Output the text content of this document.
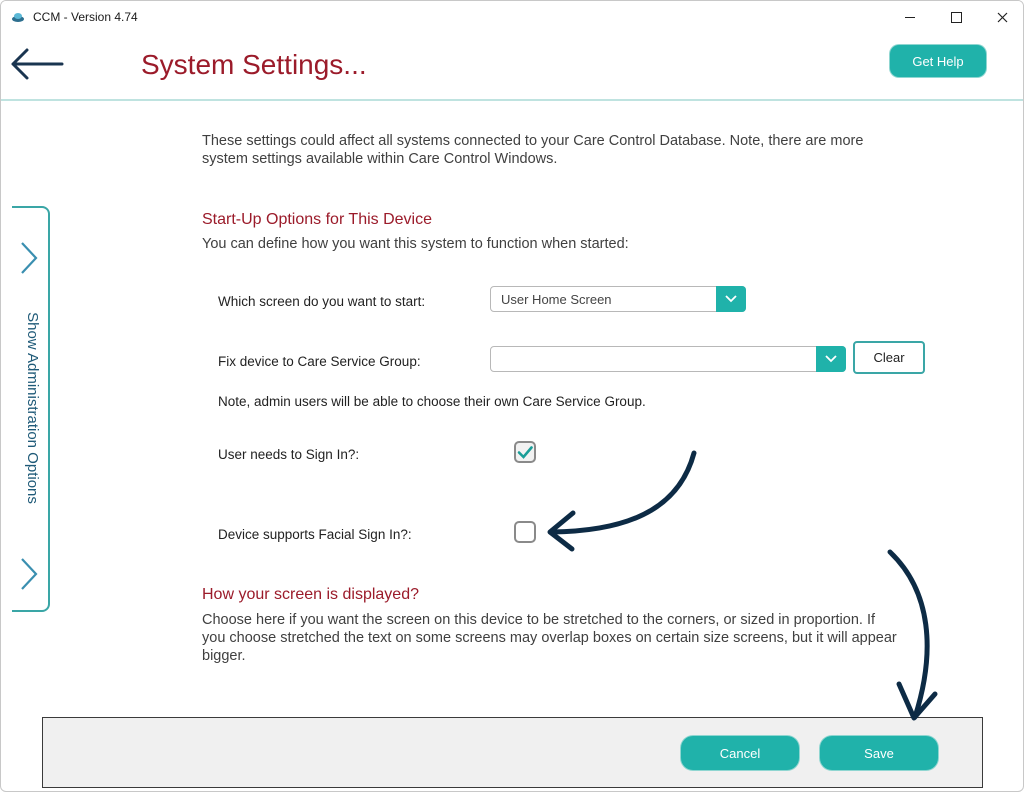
CCM - Version 4.74
System Settings...	Get Help
Show Administration Options
These settings could affect all systems connected to your Care Control Database. Note, there are more system settings available within Care Control Windows.
Start-Up Options for This Device
You can define how you want this system to function when started:
Which screen do you want to start:	User Home Screen
Fix device to Care Service Group:	Clear
Note, admin users will be able to choose their own Care Service Group.
User needs to Sign In?:
Device supports Facial Sign In?:
How your screen is displayed?
Choose here if you want the screen on this device to be stretched to the corners, or sized in proportion. If you choose stretched the text on some screens may overlap boxes on certain size screens, but it will appear bigger.
Cancel	Save
